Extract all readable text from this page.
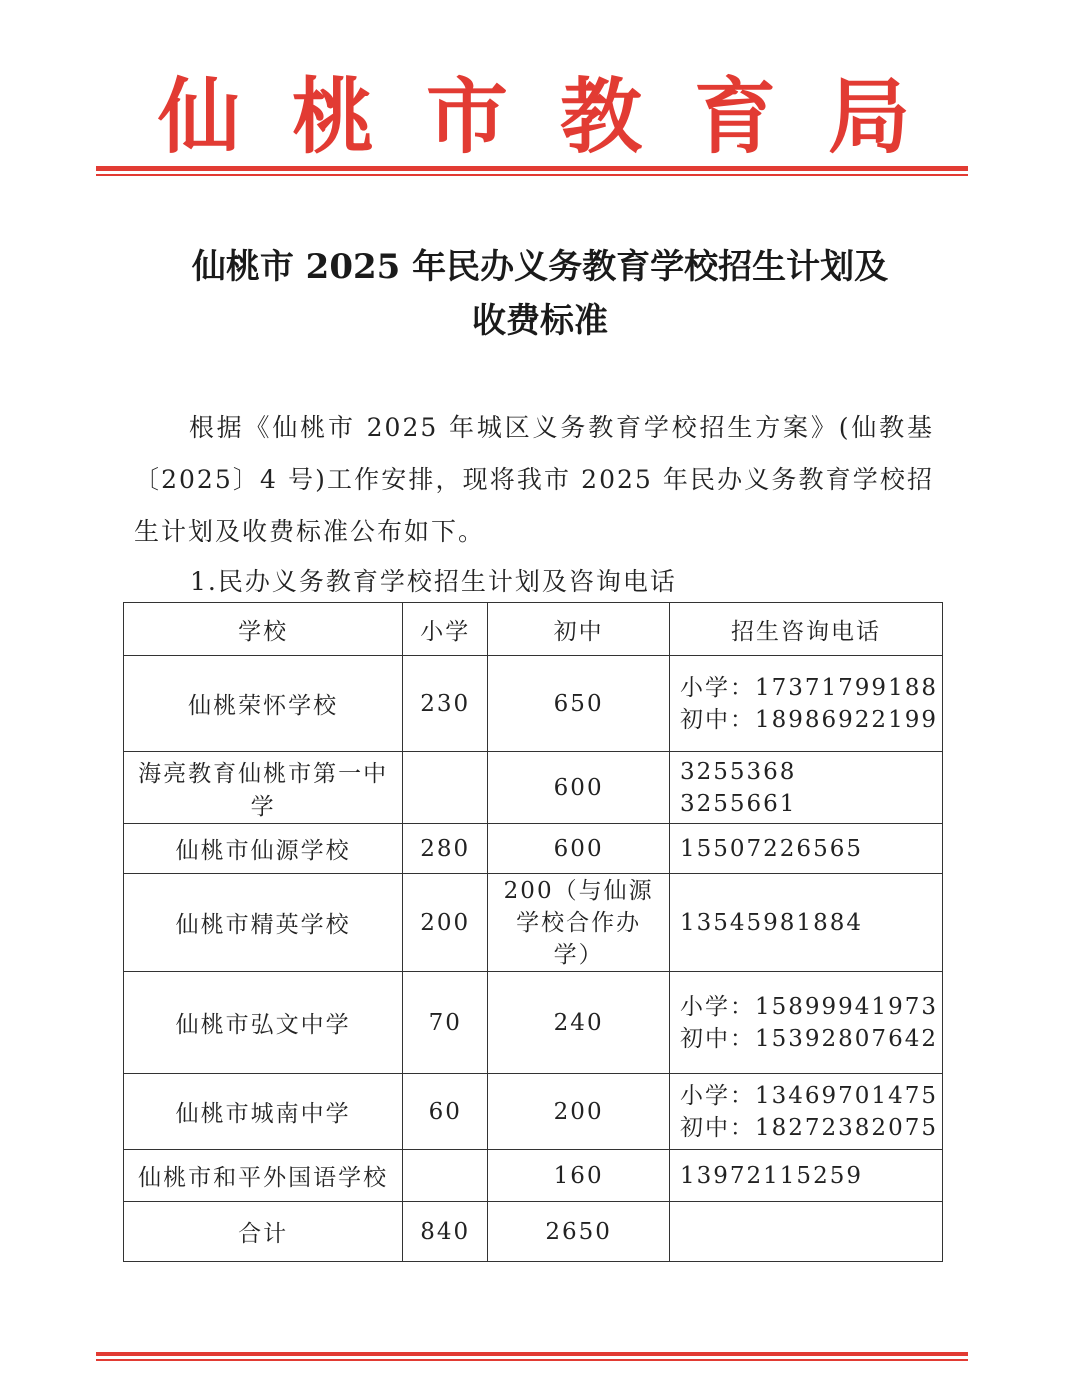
仙桃市教育局
仙桃市 2025 年民办义务教育学校招生计划及
收费标准
根据《仙桃市 2025 年城区义务教育学校招生方案》(仙教基〔2025〕4 号)工作安排，现将我市 2025 年民办义务教育学校招生计划及收费标准公布如下。
1.民办义务教育学校招生计划及咨询电话
学校	小学	初中	招生咨询电话
仙桃荣怀学校	230	650	小学：17371799188
初中：18986922199

海亮教育仙桃市第一中学		600	3255368
3255661

仙桃市仙源学校	280	600	15507226565

仙桃市精英学校	200	200（与仙源学校合作办学）	13545981884

仙桃市弘文中学	70	240	小学：15899941973
初中：15392807642

仙桃市城南中学	60	200	小学：13469701475
初中：18272382075

仙桃市和平外国语学校		160	13972115259

合计	840	2650	
